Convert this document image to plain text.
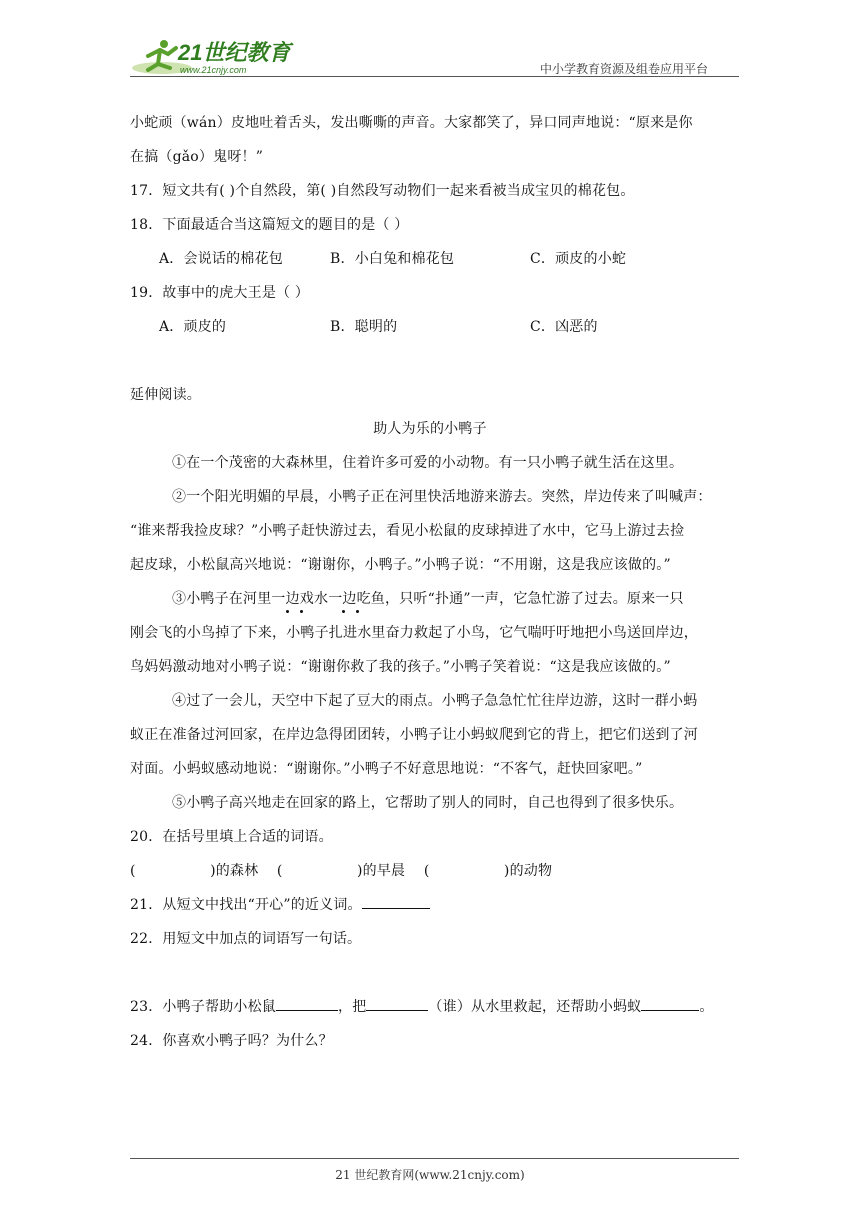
21世纪教育
www.21cnjy.com	中小学教育资源及组卷应用平台
小蛇顽（wán）皮地吐着舌头，发出嘶嘶的声音。大家都笑了，异口同声地说：“原来是你
在搞（gǎo）鬼呀！”
17．短文共有( )个自然段，第( )自然段写动物们一起来看被当成宝贝的棉花包。
18．下面最适合当这篇短文的题目的是（ ）
A．会说话的棉花包	B．小白兔和棉花包	C．顽皮的小蛇
19．故事中的虎大王是（ ）
A．顽皮的	B．聪明的	C．凶恶的
延伸阅读。
助人为乐的小鸭子
①在一个茂密的大森林里，住着许多可爱的小动物。有一只小鸭子就生活在这里。
②一个阳光明媚的早晨，小鸭子正在河里快活地游来游去。突然，岸边传来了叫喊声：
“谁来帮我捡皮球？”小鸭子赶快游过去，看见小松鼠的皮球掉进了水中，它马上游过去捡
起皮球，小松鼠高兴地说：“谢谢你，小鸭子。”小鸭子说：“不用谢，这是我应该做的。”
③小鸭子在河里一边戏水一边吃鱼，只听“扑通”一声，它急忙游了过去。原来一只
刚会飞的小鸟掉了下来，小鸭子扎进水里奋力救起了小鸟，它气喘吁吁地把小鸟送回岸边，
鸟妈妈激动地对小鸭子说：“谢谢你救了我的孩子。”小鸭子笑着说：“这是我应该做的。”
④过了一会儿，天空中下起了豆大的雨点。小鸭子急急忙忙往岸边游，这时一群小蚂
蚁正在准备过河回家，在岸边急得团团转，小鸭子让小蚂蚁爬到它的背上，把它们送到了河
对面。小蚂蚁感动地说：“谢谢你。”小鸭子不好意思地说：“不客气，赶快回家吧。”
⑤小鸭子高兴地走在回家的路上，它帮助了别人的同时，自己也得到了很多快乐。
20．在括号里填上合适的词语。
(                )的森林    (                )的早晨    (                )的动物
21．从短文中找出“开心”的近义词。
22．用短文中加点的词语写一句话。
23．小鸭子帮助小松鼠	，把	（谁）从水里救起，还帮助小蚂蚁	。
24．你喜欢小鸭子吗？为什么？
21 世纪教育网(www.21cnjy.com)
